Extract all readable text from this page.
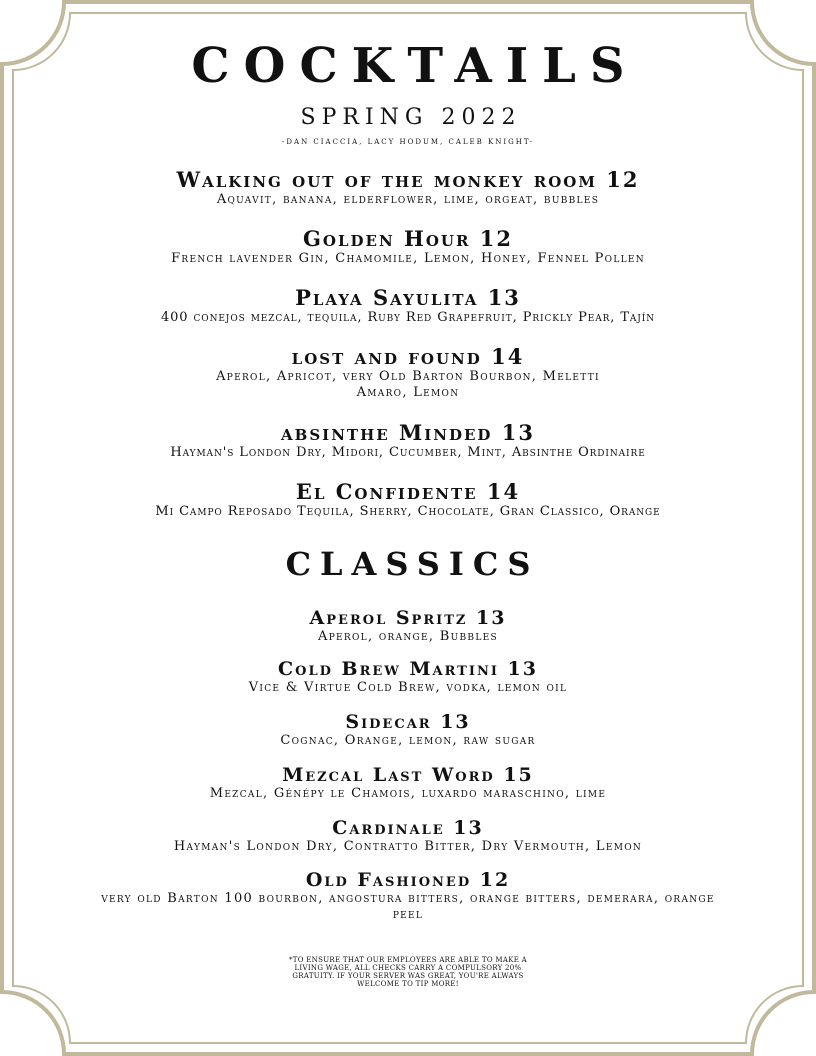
COCKTAILS
SPRING 2022
-DAN CIACCIA, LACY HODUM, CALEB KNIGHT-
Walking out of the monkey room 12
Aquavit, banana, elderflower, lime, orgeat, bubbles
Golden Hour 12
French lavender Gin, Chamomile, Lemon, Honey, Fennel Pollen
Playa Sayulita 13
400 conejos mezcal, tequila, Ruby Red Grapefruit, Prickly Pear, Tajín
lost and found 14
Aperol, Apricot, very Old Barton Bourbon, Meletti Amaro, Lemon
absinthe Minded 13
Hayman's London Dry, Midori, Cucumber, Mint, Absinthe Ordinaire
El Confidente 14
Mi Campo Reposado Tequila, Sherry, Chocolate, Gran Classico, Orange
CLASSICS
Aperol Spritz 13
Aperol, orange, Bubbles
Cold Brew Martini 13
Vice & Virtue Cold Brew, vodka, lemon oil
Sidecar 13
Cognac, Orange, lemon, raw sugar
Mezcal Last Word 15
Mezcal, Génépy le Chamois, luxardo maraschino, lime
Cardinale 13
Hayman's London Dry, Contratto Bitter, Dry Vermouth, Lemon
Old Fashioned 12
very old Barton 100 bourbon, angostura bitters, orange bitters, demerara, orange peel
*TO ENSURE THAT OUR EMPLOYEES ARE ABLE TO MAKE A LIVING WAGE, ALL CHECKS CARRY A COMPULSORY 20% GRATUITY. IF YOUR SERVER WAS GREAT, YOU'RE ALWAYS WELCOME TO TIP MORE!
